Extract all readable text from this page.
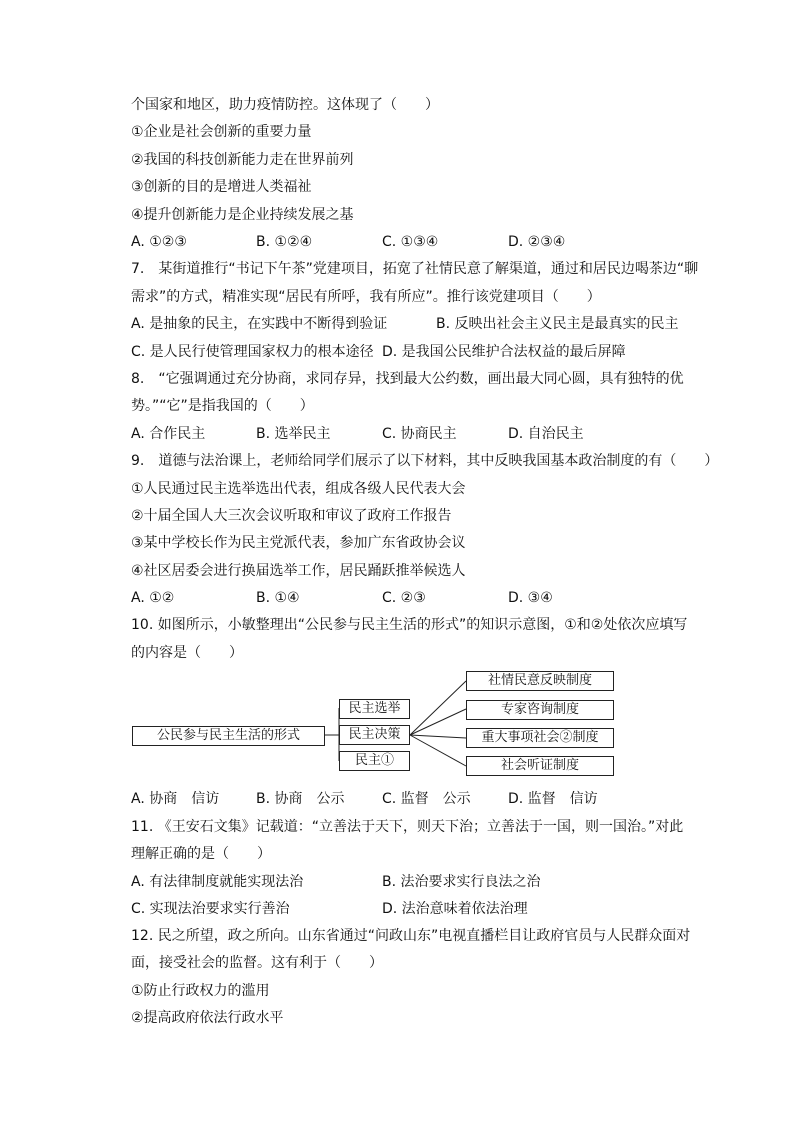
个国家和地区，助力疫情防控。这体现了（　　）
①企业是社会创新的重要力量
②我国的科技创新能力走在世界前列
③创新的目的是增进人类福祉
④提升创新能力是企业持续发展之基
A. ①②③	B. ①②④	C. ①③④	D. ②③④
7.　某街道推行“书记下午茶”党建项目，拓宽了社情民意了解渠道，通过和居民边喝茶边“聊
需求”的方式，精准实现“居民有所呼，我有所应”。推行该党建项目（　　）
A. 是抽象的民主，在实践中不断得到验证	B. 反映出社会主义民主是最真实的民主
C. 是人民行使管理国家权力的根本途径 D. 是我国公民维护合法权益的最后屏障
8.　“它强调通过充分协商，求同存异，找到最大公约数，画出最大同心圆，具有独特的优
势。”“它”是指我国的（　　）
A. 合作民主	B. 选举民主	C. 协商民主	D. 自治民主
9.　道德与法治课上，老师给同学们展示了以下材料，其中反映我国基本政治制度的有（　　）
①人民通过民主选举选出代表，组成各级人民代表大会
②十届全国人大三次会议听取和审议了政府工作报告
③某中学校长作为民主党派代表，参加广东省政协会议
④社区居委会进行换届选举工作，居民踊跃推举候选人
A. ①②	B. ①④	C. ②③	D. ③④
10. 如图所示，小敏整理出“公民参与民主生活的形式”的知识示意图，①和②处依次应填写
的内容是（　　）
公民参与民主生活的形式
民主选举
民主决策
民主①
社情民意反映制度
专家咨询制度
重大事项社会②制度
社会听证制度
A. 协商　信访	B. 协商　公示	C. 监督　公示	D. 监督　信访
11. 《王安石文集》记载道：“立善法于天下，则天下治；立善法于一国，则一国治。”对此
理解正确的是（　　）
A. 有法律制度就能实现法治	B. 法治要求实行良法之治
C. 实现法治要求实行善治	D. 法治意味着依法治理
12. 民之所望，政之所向。山东省通过“问政山东”电视直播栏目让政府官员与人民群众面对
面，接受社会的监督。这有利于（　　）
①防止行政权力的滥用
②提高政府依法行政水平
